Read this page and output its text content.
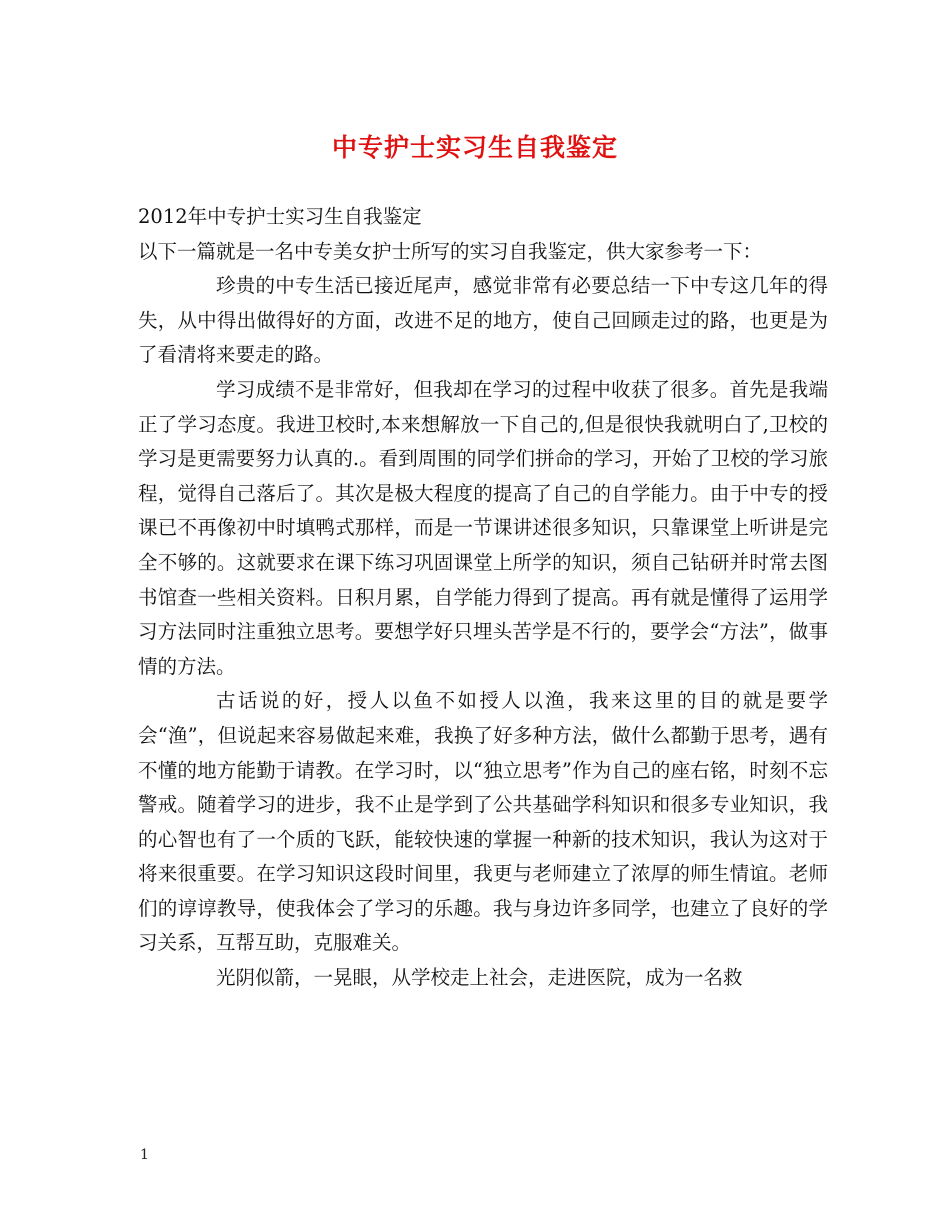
中专护士实习生自我鉴定

2012年中专护士实习生自我鉴定

以下一篇就是一名中专美女护士所写的实习自我鉴定，供大家参考一下：

珍贵的中专生活已接近尾声，感觉非常有必要总结一下中专这几年的得失，从中得出做得好的方面，改进不足的地方，使自己回顾走过的路，也更是为了看清将来要走的路。

学习成绩不是非常好，但我却在学习的过程中收获了很多。首先是我端正了学习态度。我进卫校时,本来想解放一下自己的,但是很快我就明白了,卫校的学习是更需要努力认真的.。看到周围的同学们拼命的学习，开始了卫校的学习旅程，觉得自己落后了。其次是极大程度的提高了自己的自学能力。由于中专的授课已不再像初中时填鸭式那样，而是一节课讲述很多知识，只靠课堂上听讲是完全不够的。这就要求在课下练习巩固课堂上所学的知识，须自己钻研并时常去图书馆查一些相关资料。日积月累，自学能力得到了提高。再有就是懂得了运用学习方法同时注重独立思考。要想学好只埋头苦学是不行的，要学会“方法”，做事情的方法。

古话说的好，授人以鱼不如授人以渔，我来这里的目的就是要学会“渔”，但说起来容易做起来难，我换了好多种方法，做什么都勤于思考，遇有不懂的地方能勤于请教。在学习时，以“独立思考”作为自己的座右铭，时刻不忘警戒。随着学习的进步，我不止是学到了公共基础学科知识和很多专业知识，我的心智也有了一个质的飞跃，能较快速的掌握一种新的技术知识，我认为这对于将来很重要。在学习知识这段时间里，我更与老师建立了浓厚的师生情谊。老师们的谆谆教导，使我体会了学习的乐趣。我与身边许多同学，也建立了良好的学习关系，互帮互助，克服难关。

光阴似箭，一晃眼，从学校走上社会，走进医院，成为一名救

1
